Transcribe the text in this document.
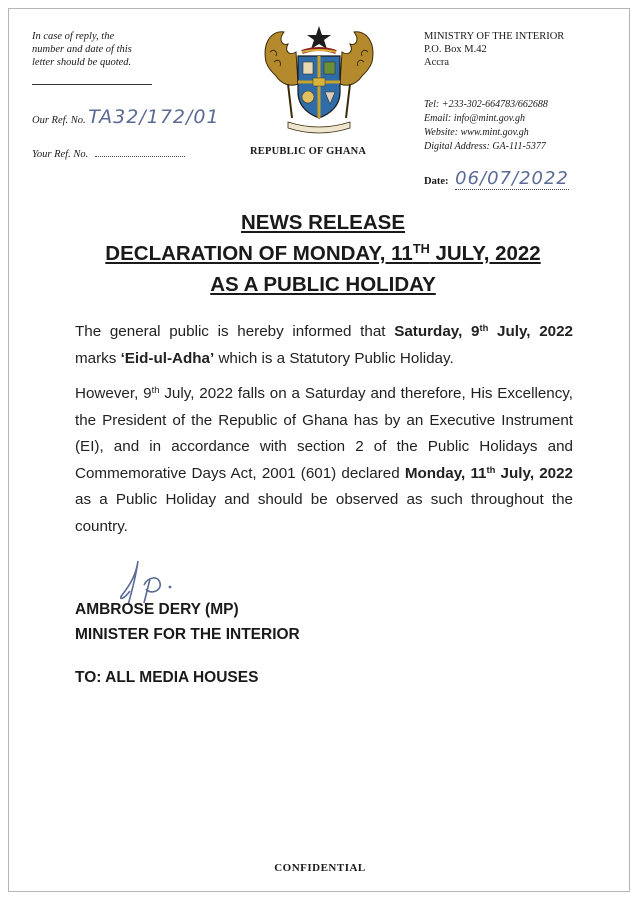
In case of reply, the
number and date of this
letter should be quoted.
Our Ref. No. TA32/172/01
Your Ref. No.	REPUBLIC OF GHANA
MINISTRY OF THE INTERIOR
P.O. Box M.42
Accra
Tel: +233-302-664783/662688
Email: info@mint.gov.gh
Website: www.mint.gov.gh
Digital Address: GA-111-5377
Date: 06/07/2022
NEWS RELEASE
DECLARATION OF MONDAY, 11TH JULY, 2022
AS A PUBLIC HOLIDAY
The general public is hereby informed that Saturday, 9th July, 2022 marks ‘Eid-ul-Adha’ which is a Statutory Public Holiday.
However, 9th July, 2022 falls on a Saturday and therefore, His Excellency, the President of the Republic of Ghana has by an Executive Instrument (EI), and in accordance with section 2 of the Public Holidays and Commemorative Days Act, 2001 (601) declared Monday, 11th July, 2022 as a Public Holiday and should be observed as such throughout the country.
AMBROSE DERY (MP)
MINISTER FOR THE INTERIOR
TO: ALL MEDIA HOUSES
CONFIDENTIAL
